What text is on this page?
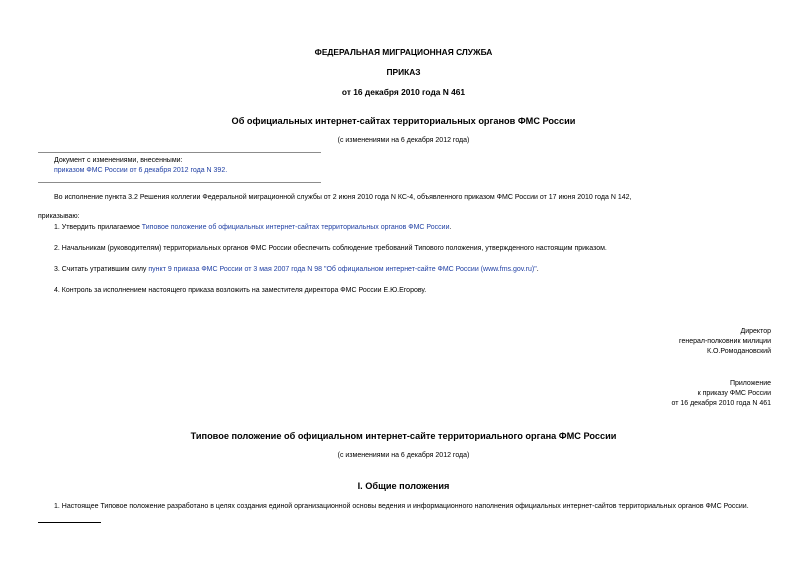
ФЕДЕРАЛЬНАЯ МИГРАЦИОННАЯ СЛУЖБА
ПРИКАЗ
от 16 декабря 2010 года N 461
Об официальных интернет-сайтах территориальных органов ФМС России
(с изменениями на 6 декабря 2012 года)
Документ с изменениями, внесенными:
приказом ФМС России от 6 декабря 2012 года N 392.
Во исполнение пункта 3.2 Решения коллегии Федеральной миграционной службы от 2 июня 2010 года N КС-4, объявленного приказом ФМС России от 17 июня 2010 года N 142,
приказываю:
1. Утвердить прилагаемое Типовое положение об официальных интернет-сайтах территориальных органов ФМС России.
2. Начальникам (руководителям) территориальных органов ФМС России обеспечить соблюдение требований Типового положения, утвержденного настоящим приказом.
3. Считать утратившим силу пункт 9 приказа ФМС России от 3 мая 2007 года N 98 "Об официальном интернет-сайте ФМС России (www.fms.gov.ru)".
4. Контроль за исполнением настоящего приказа возложить на заместителя директора ФМС России Е.Ю.Егорову.
Директор
генерал-полковник милиции
К.О.Ромодановский
Приложение
к приказу ФМС России
от 16 декабря 2010 года N 461
Типовое положение об официальном интернет-сайте территориального органа ФМС России
(с изменениями на 6 декабря 2012 года)
I. Общие положения
1. Настоящее Типовое положение разработано в целях создания единой организационной основы ведения и информационного наполнения официальных интернет-сайтов территориальных органов ФМС России.
